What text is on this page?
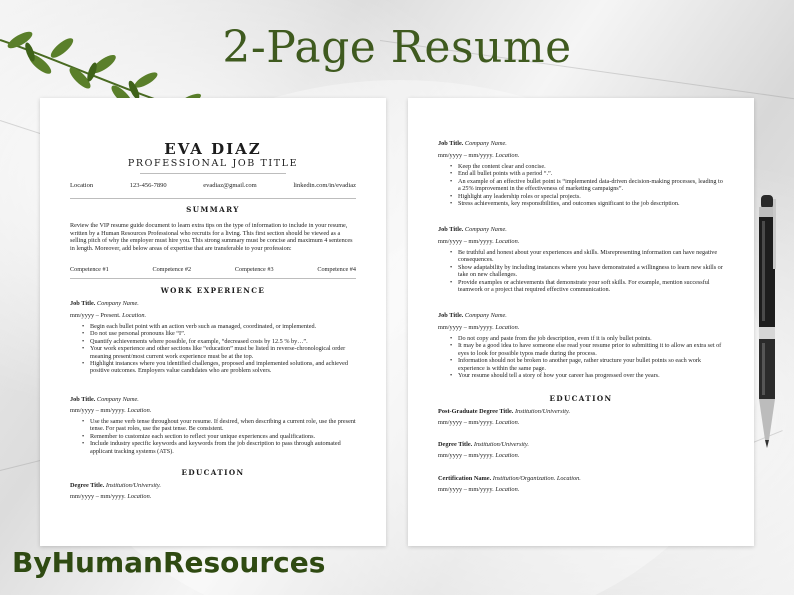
2-Page Resume
EVA DIAZ
PROFESSIONAL JOB TITLE
Location	123-456-7890	evadiaz@gmail.com	linkedin.com/in/evadiaz
SUMMARY
Review the VIP resume guide document to learn extra tips on the type of information to include in your resume, written by a Human Resources Professional who recruits for a living. This first section should be viewed as a selling pitch of why the employer must hire you. This strong summary must be concise and maximum 4 sentences in length. Moreover, add below areas of expertise that are transferable to your profession:
Competence #1	Competence #2	Competence #3	Competence #4
WORK EXPERIENCE
Job Title. Company Name.
mm/yyyy – Present. Location.
• Begin each bullet point with an action verb such as managed, coordinated, or implemented.
• Do not use personal pronouns like “I”.
• Quantify achievements where possible, for example, “decreased costs by 12.5 % by…”.
• Your work experience and other sections like “education” must be listed in reverse-chronological order meaning present/most current work experience must be at the top.
• Highlight instances where you identified challenges, proposed and implemented solutions, and achieved positive outcomes. Employers value candidates who are problem solvers.
Job Title. Company Name.
mm/yyyy – mm/yyyy. Location.
• Use the same verb tense throughout your resume. If desired, when describing a current role, use the present tense. For past roles, use the past tense. Be consistent.
• Remember to customize each section to reflect your unique experiences and qualifications.
• Include industry specific keywords and keywords from the job description to pass through automated applicant tracking systems (ATS).
EDUCATION
Degree Title. Institution/University.
mm/yyyy – mm/yyyy. Location.
Job Title. Company Name.
mm/yyyy – mm/yyyy. Location.
• Keep the content clear and concise.
• End all bullet points with a period “.”.
• An example of an effective bullet point is “implemented data-driven decision-making processes, leading to a 25% improvement in the effectiveness of marketing campaigns”.
• Highlight any leadership roles or special projects.
• Stress achievements, key responsibilities, and outcomes significant to the job description.
Job Title. Company Name.
mm/yyyy – mm/yyyy. Location.
• Be truthful and honest about your experiences and skills. Misrepresenting information can have negative consequences.
• Show adaptability by including instances where you have demonstrated a willingness to learn new skills or take on new challenges.
• Provide examples or achievements that demonstrate your soft skills. For example, mention successful teamwork or a project that required effective communication.
Job Title. Company Name.
mm/yyyy – mm/yyyy. Location.
• Do not copy and paste from the job description, even if it is only bullet points.
• It may be a good idea to have someone else read your resume prior to submitting it to allow an extra set of eyes to look for possible typos made during the process.
• Information should not be broken to another page, rather structure your bullet points so each work experience is within the same page.
• Your resume should tell a story of how your career has progressed over the years.
EDUCATION
Post-Graduate Degree Title. Institution/University.
mm/yyyy – mm/yyyy. Location.
Degree Title. Institution/University.
mm/yyyy – mm/yyyy. Location.
Certification Name. Institution/Organization. Location.
mm/yyyy – mm/yyyy. Location.
ByHumanResources
